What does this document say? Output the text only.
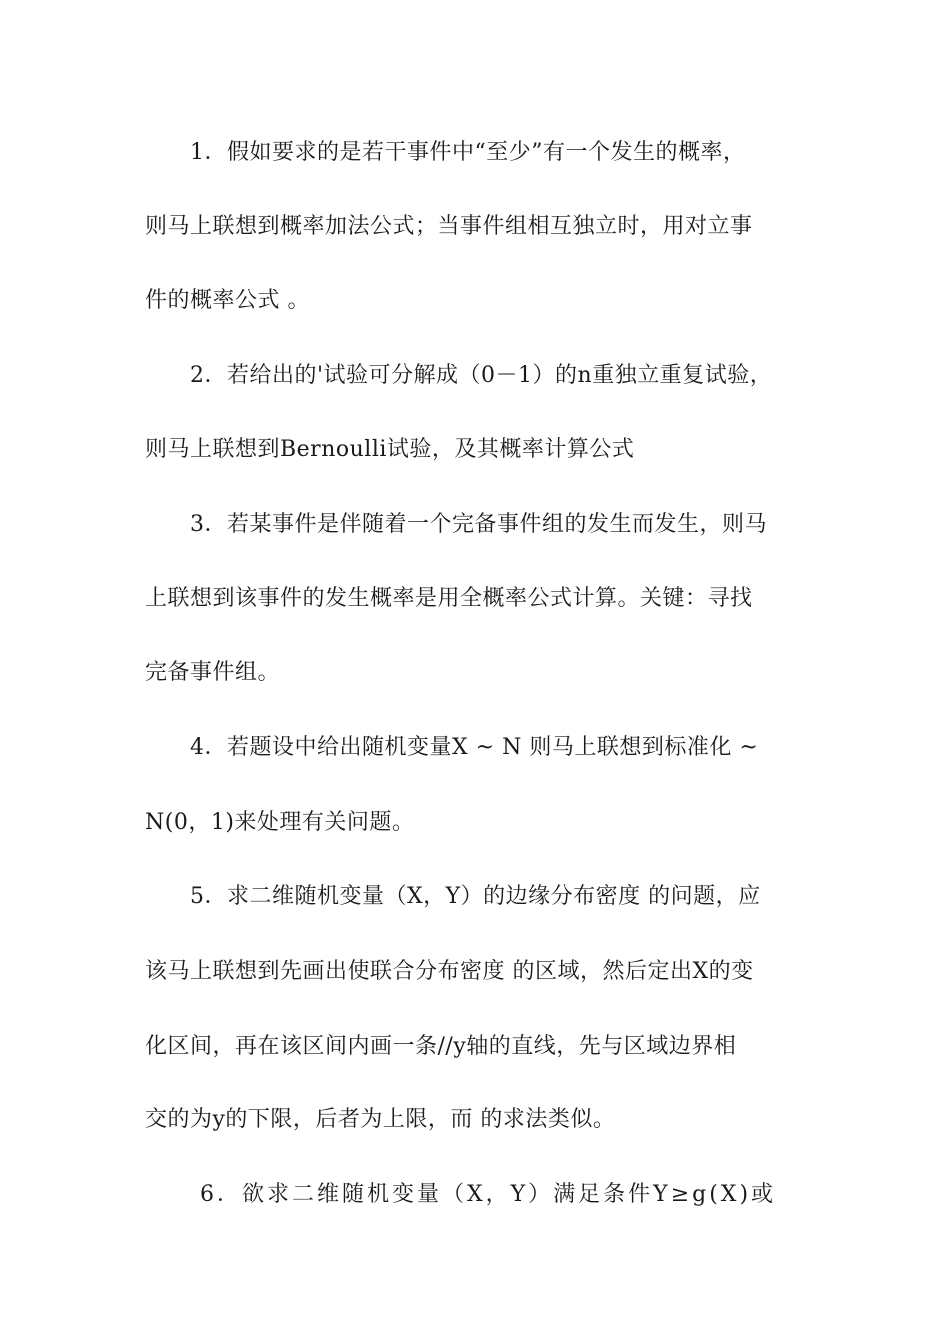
1．假如要求的是若干事件中“至少”有一个发生的概率，
则马上联想到概率加法公式；当事件组相互独立时，用对立事
件的概率公式 。
2．若给出的'试验可分解成（0－1）的n重独立重复试验，
则马上联想到Bernoulli试验，及其概率计算公式
3．若某事件是伴随着一个完备事件组的发生而发生，则马
上联想到该事件的发生概率是用全概率公式计算。关键：寻找
完备事件组。
4．若题设中给出随机变量X ~ N 则马上联想到标准化 ~
N(0，1)来处理有关问题。
5．求二维随机变量（X，Y）的边缘分布密度 的问题，应
该马上联想到先画出使联合分布密度 的区域，然后定出X的变
化区间，再在该区间内画一条//y轴的直线，先与区域边界相
交的为y的下限，后者为上限，而 的求法类似。
6．欲求二维随机变量（X，Y）满足条件Y≥g(X)或
